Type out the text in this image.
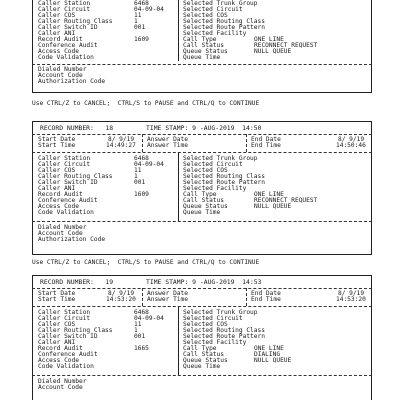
Caller Station	6468
Caller Circuit	04-09-04
Caller COS	11
Caller Routing Class	1
Caller Switch ID	001
Caller ANI
Record Audit	1609
Conference Audit
Access Code
Code Validation
Selected Trunk Group
Selected Circuit
Selected COS
Selected Routing Class
Selected Route Pattern
Selected Facility
Call Type	ONE LINE
Call Status	RECONNECT REQUEST
Queue Status	NULL QUEUE
Queue Time
Dialed Number
Account Code
Authorization Code
Use CTRL/Z to CANCEL;  CTRL/S to PAUSE and CTRL/Q to CONTINUE
RECORD NUMBER:   18	TIME STAMP: 9 -AUG-2019  14:50
Start Date	8/ 9/19
Start Time	14:49:27
Answer Date
Answer Time
End Date	8/ 9/19
End Time	14:50:46
Caller Station	6468
Caller Circuit	04-09-04
Caller COS	11
Caller Routing Class	1
Caller Switch ID	001
Caller ANI
Record Audit	1609
Conference Audit
Access Code
Code Validation
Selected Trunk Group
Selected Circuit
Selected COS
Selected Routing Class
Selected Route Pattern
Selected Facility
Call Type	ONE LINE
Call Status	RECONNECT REQUEST
Queue Status	NULL QUEUE
Queue Time
Dialed Number
Account Code
Authorization Code
Use CTRL/Z to CANCEL;  CTRL/S to PAUSE and CTRL/Q to CONTINUE
RECORD NUMBER:   19	TIME STAMP: 9 -AUG-2019  14:53
Start Date	8/ 9/19
Start Time	14:53:20
Answer Date
Answer Time
End Date	8/ 9/19
End Time	14:53:20
Caller Station	6468
Caller Circuit	04-09-04
Caller COS	11
Caller Routing Class	1
Caller Switch ID	001
Caller ANI
Record Audit	1665
Conference Audit
Access Code
Code Validation
Selected Trunk Group
Selected Circuit
Selected COS
Selected Routing Class
Selected Route Pattern
Selected Facility
Call Type	ONE LINE
Call Status	DIALING
Queue Status	NULL QUEUE
Queue Time
Dialed Number
Account Code
